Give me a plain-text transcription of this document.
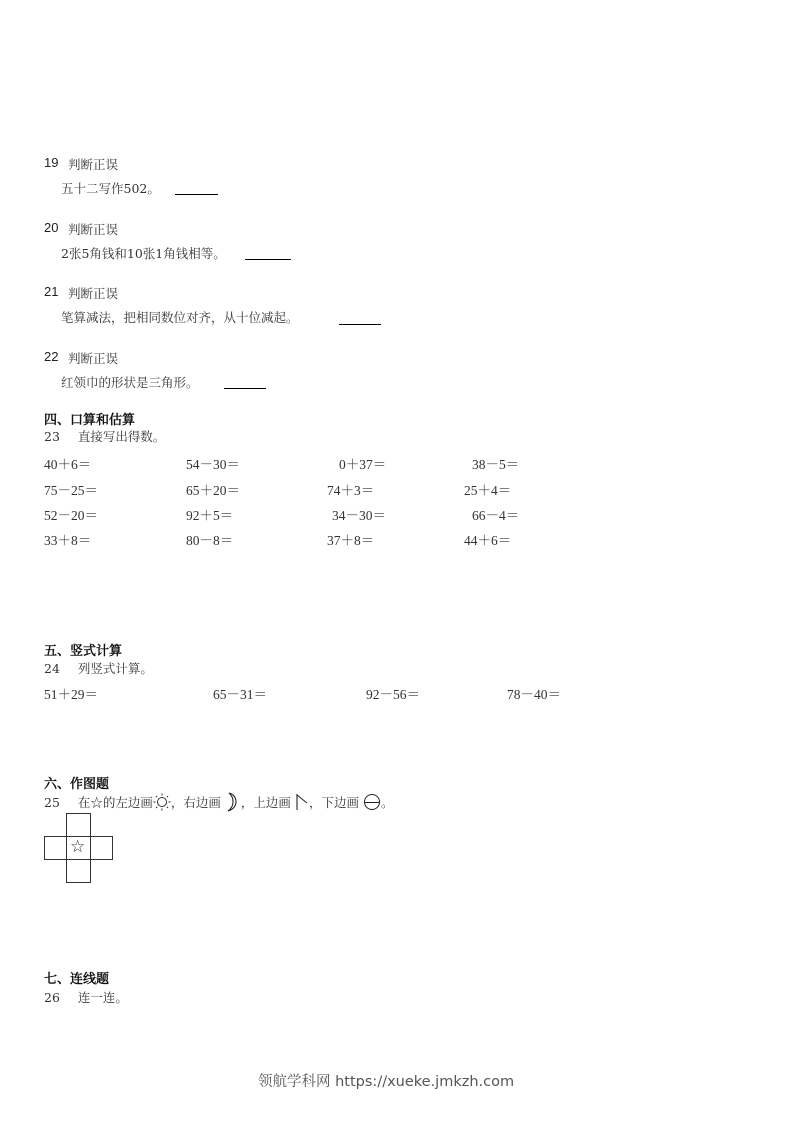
19 判断正误
五十二写作502。
20 判断正误
2张5角钱和10张1角钱相等。
21 判断正误
笔算减法，把相同数位对齐，从十位减起。
22 判断正误
红领巾的形状是三角形。
四、口算和估算
23 直接写出得数。
40＋6＝	54－30＝	0＋37＝	38－5＝
75－25＝	65＋20＝	74＋3＝	25＋4＝
52－20＝	92＋5＝	34－30＝	66－4＝
33＋8＝	80－8＝	37＋8＝	44＋6＝
五、竖式计算
24 列竖式计算。
51＋29＝	65－31＝	92－56＝	78－40＝
六、作图题
25 在☆的左边画 ，右边画 ，上边画 ，下边画 。
☆
七、连线题
26 连一连。
领航学科网 https://xueke.jmkzh.com
